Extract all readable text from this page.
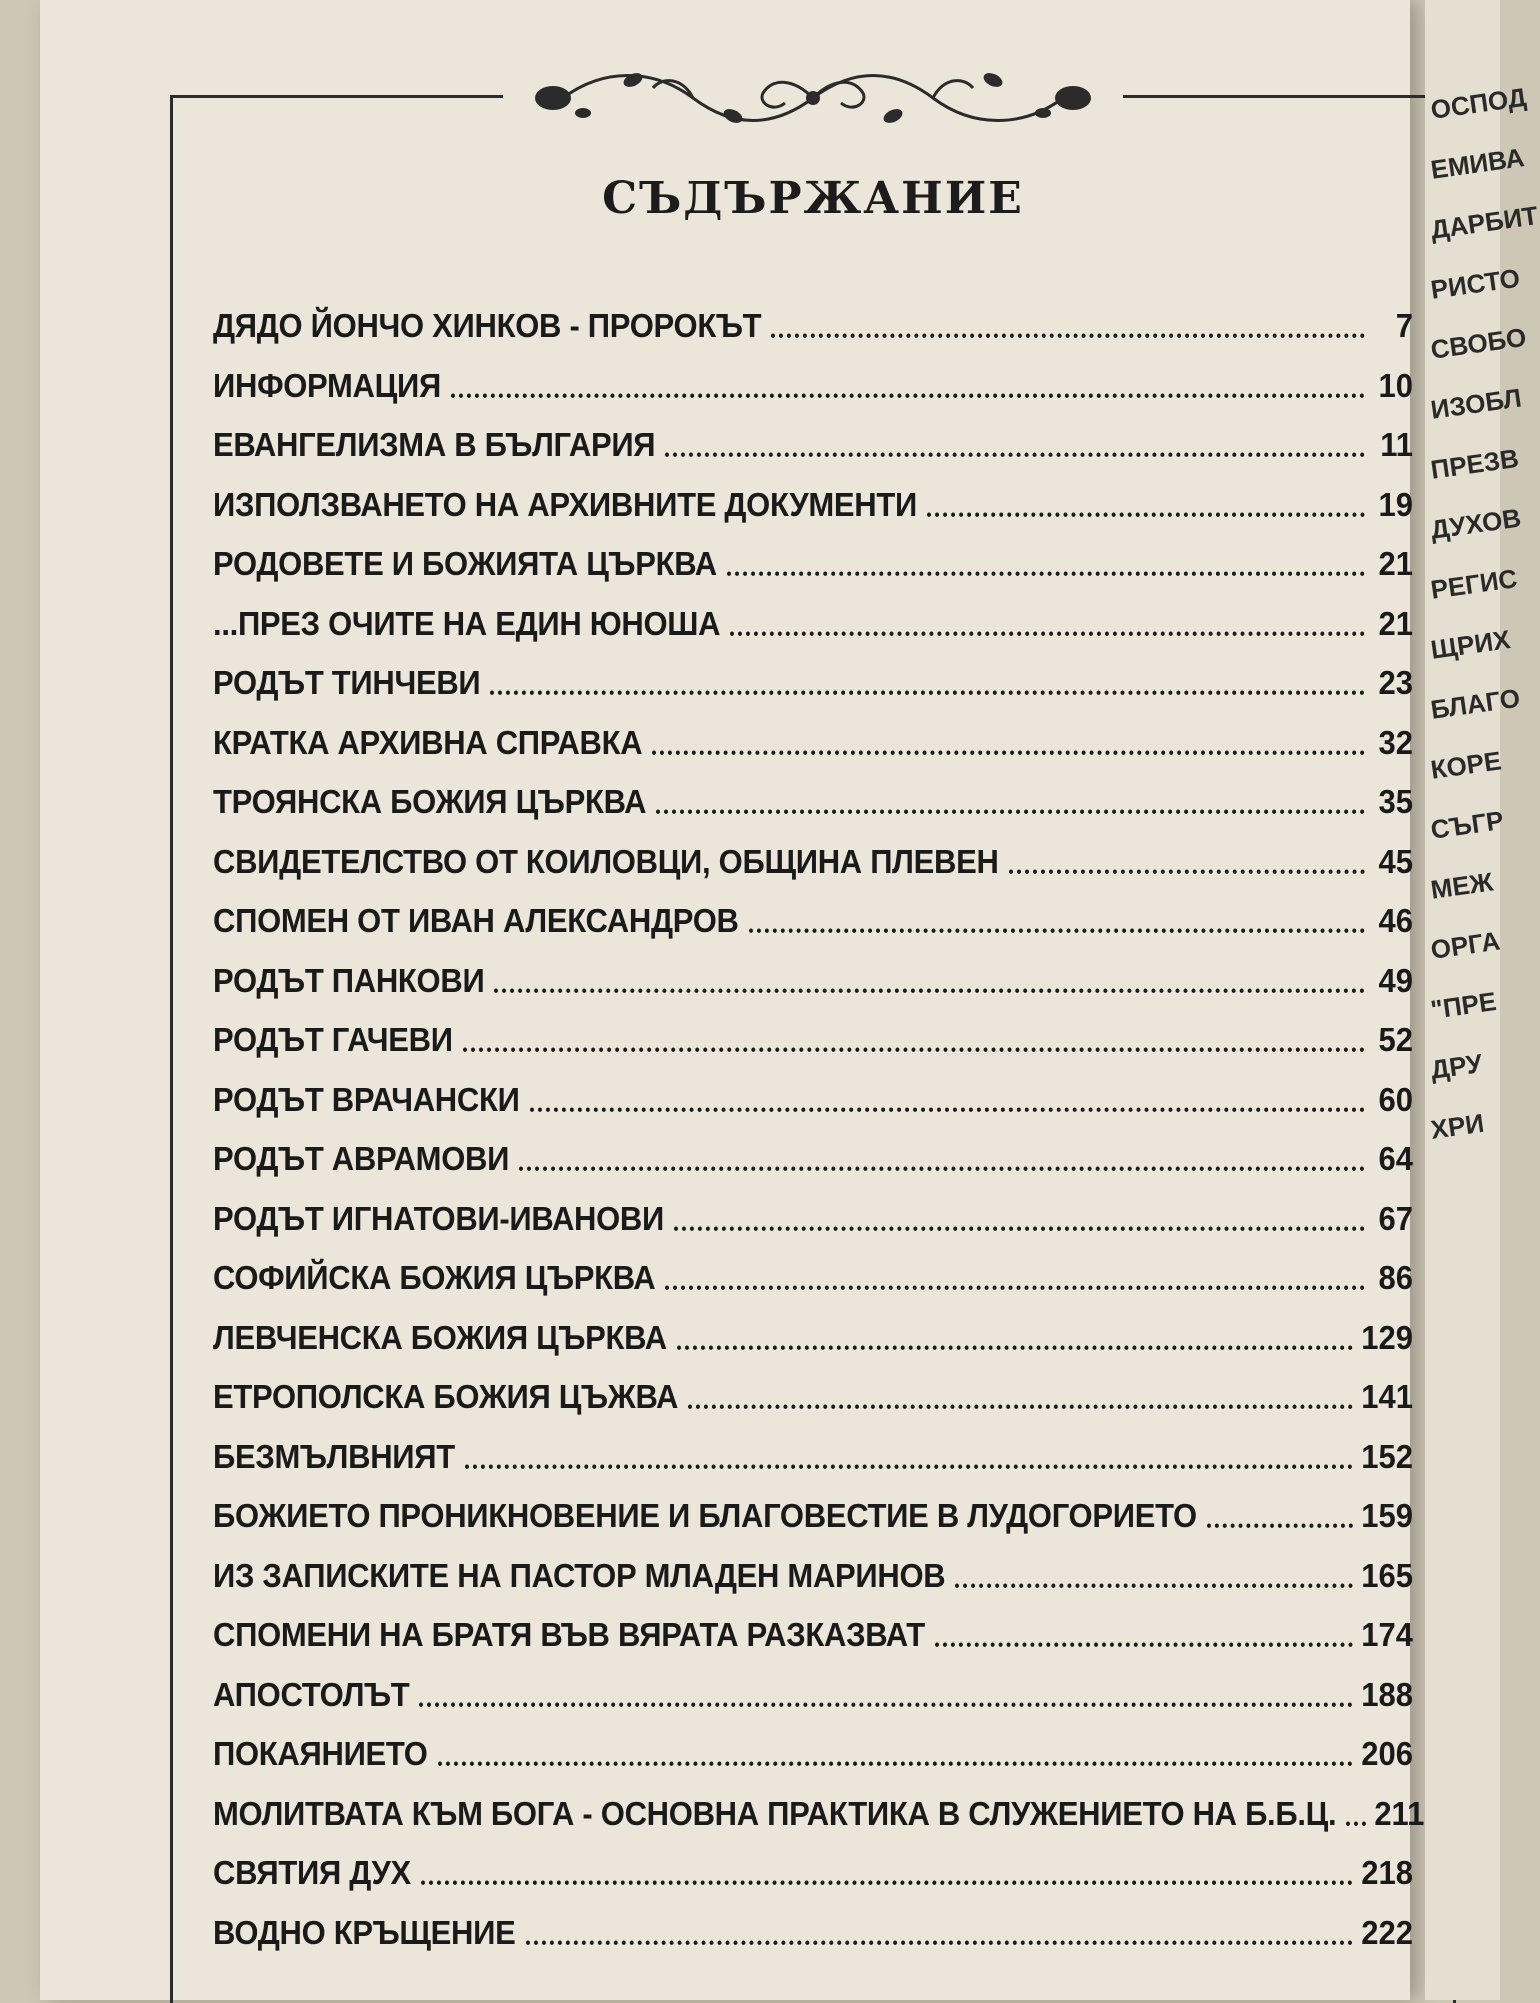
СЪДЪРЖАНИЕ
ДЯДО ЙОНЧО ХИНКОВ - ПРОРОКЪТ	7
ИНФОРМАЦИЯ	10
ЕВАНГЕЛИЗМА В БЪЛГАРИЯ	11
ИЗПОЛЗВАНЕТО НА АРХИВНИТЕ ДОКУМЕНТИ	19
РОДОВЕТЕ И БОЖИЯТА ЦЪРКВА	21
...ПРЕЗ ОЧИТЕ НА ЕДИН ЮНОША	21
РОДЪТ ТИНЧЕВИ	23
КРАТКА АРХИВНА СПРАВКА	32
ТРОЯНСКА БОЖИЯ ЦЪРКВА	35
СВИДЕТЕЛСТВО ОТ КОИЛОВЦИ, ОБЩИНА ПЛЕВЕН	45
СПОМЕН ОТ ИВАН АЛЕКСАНДРОВ	46
РОДЪТ ПАНКОВИ	49
РОДЪТ ГАЧЕВИ	52
РОДЪТ ВРАЧАНСКИ	60
РОДЪТ АВРАМОВИ	64
РОДЪТ ИГНАТОВИ-ИВАНОВИ	67
СОФИЙСКА БОЖИЯ ЦЪРКВА	86
ЛЕВЧЕНСКА БОЖИЯ ЦЪРКВА	129
ЕТРОПОЛСКА БОЖИЯ ЦЪЖВА	141
БЕЗМЪЛВНИЯТ	152
БОЖИЕТО ПРОНИКНОВЕНИЕ И БЛАГОВЕСТИЕ В ЛУДОГОРИЕТО	159
ИЗ ЗАПИСКИТЕ НА ПАСТОР МЛАДЕН МАРИНОВ	165
СПОМЕНИ НА БРАТЯ ВЪВ ВЯРАТА РАЗКАЗВАТ	174
АПОСТОЛЪТ	188
ПОКАЯНИЕТО	206
МОЛИТВАТА КЪМ БОГА - ОСНОВНА ПРАКТИКА В СЛУЖЕНИЕТО НА Б.Б.Ц. 211
СВЯТИЯ ДУХ	218
ВОДНО КРЪЩЕНИЕ	222
ОСПОД
ЕМИВА
ДАРБИТ
РИСТО
СВОБО
ИЗОБЛ
ПРЕЗВ
ДУХОВ
РЕГИС
ЩРИХ
БЛАГО
КОРЕ
СЪГР
МЕЖ
ОРГА
"ПРЕ
ДРУ
ХРИ
